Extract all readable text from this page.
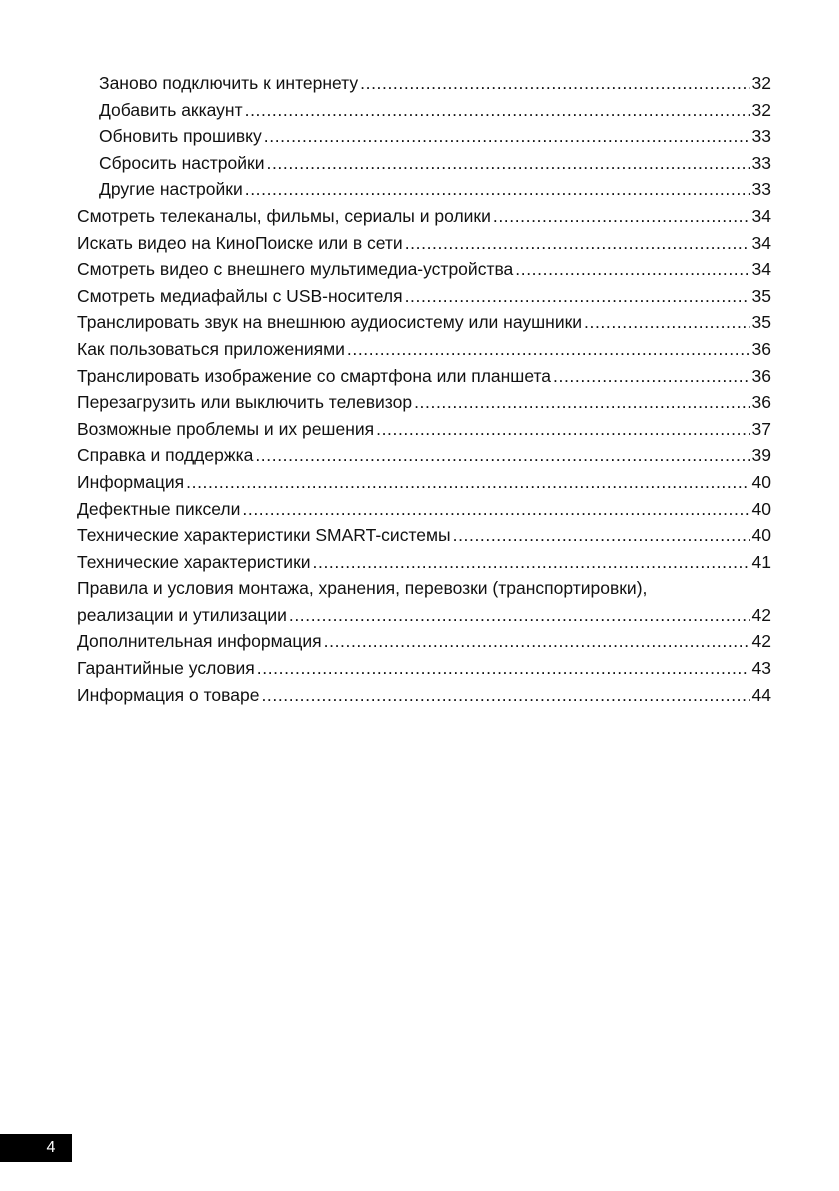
Заново подключить к интернету .....	32
Добавить аккаунт .....	32
Обновить прошивку .....	33
Сбросить настройки .....	33
Другие настройки .....	33
Смотреть телеканалы, фильмы, сериалы и ролики .....	34
Искать видео на КиноПоиске или в сети .....	34
Смотреть видео с внешнего мультимедиа-устройства .....	34
Смотреть медиафайлы с USB-носителя .....	35
Транслировать звук на внешнюю аудиосистему или наушники .....	35
Как пользоваться приложениями .....	36
Транслировать изображение со смартфона или планшета .....	36
Перезагрузить или выключить телевизор .....	36
Возможные проблемы и их решения .....	37
Справка и поддержка .....	39
Информация .....	40
Дефектные пиксели .....	40
Технические характеристики SMART-системы .....	40
Технические характеристики .....	41
Правила и условия монтажа, хранения, перевозки (транспортировки),
реализации и утилизации .....	42
Дополнительная информация .....	42
Гарантийные условия .....	43
Информация о товаре .....	44
4
